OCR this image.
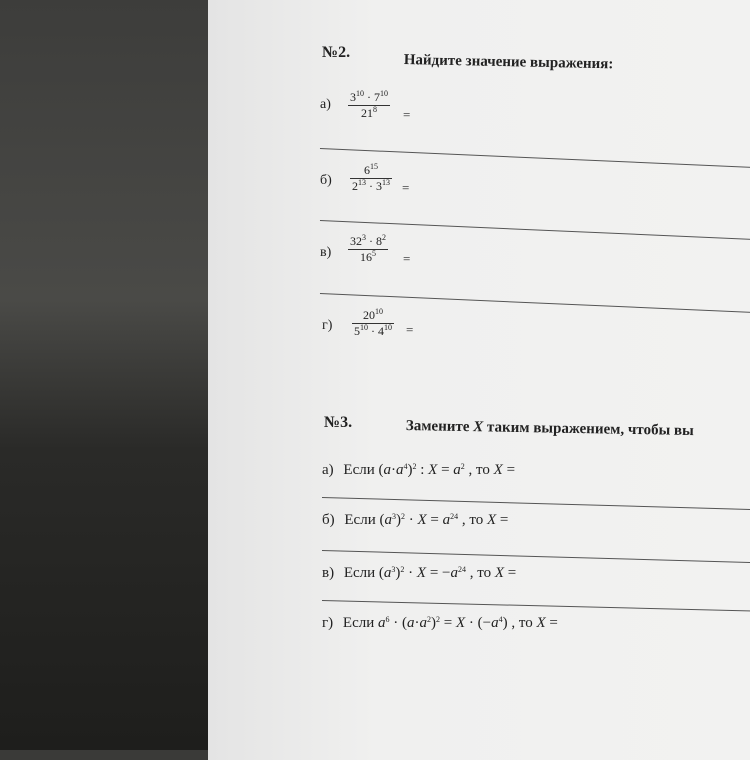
№2.	Найдите значение выражения:
$а) \frac{3^{10} \cdot 7^{10}}{21^8}$ =
$б) \frac{6^{15}}{2^{13} \cdot 3^{13}}$ =
$в) \frac{32^3 \cdot 8^2}{16^5}$ =
$г) \frac{20^{10}}{5^{10} \cdot 4^{10}}$ =
№3.	Замените X таким выражением, чтобы вы
а) Если $(a\cdot a^4)^2$ : $X = a^2$ , то X =
б) Если $(a^3)^2 \cdot X = a^{24}$ , то X =
в) Если $(a^3)^2 \cdot X = -a^{24}$ , то X =
г) Если $a^6 \cdot (a\cdot a^2)^2 = X \cdot (-a^4)$ , то X =
